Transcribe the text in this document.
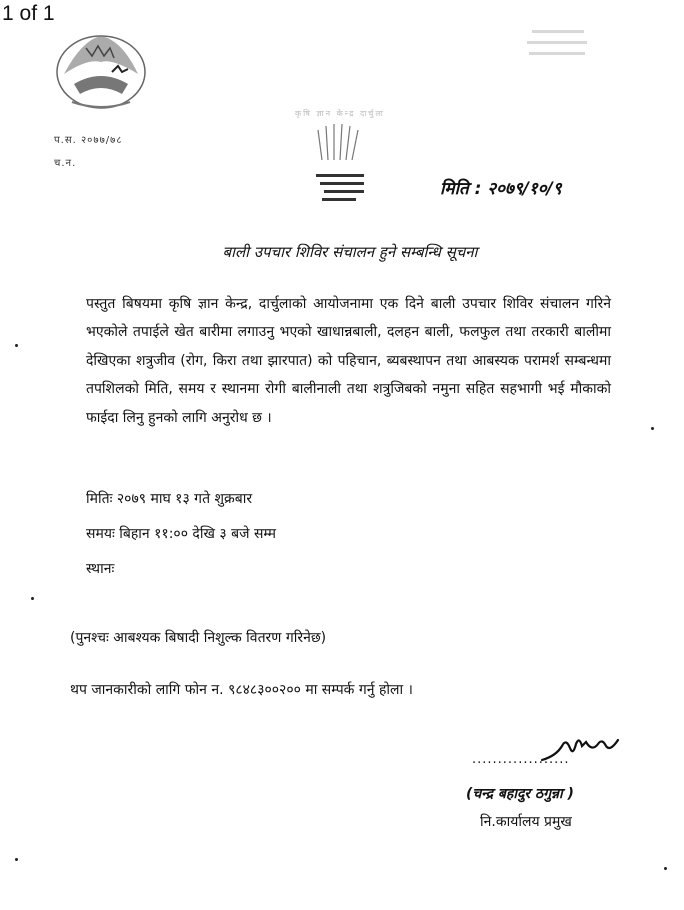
1 of 1
प.स. २०७७/७८
च.न.
कृषि ज्ञान केन्द्र दार्चुला
मिति : २०७९/१०/९
बाली उपचार शिविर संचालन हुने सम्बन्धि सूचना
पस्तुत बिषयमा कृषि ज्ञान केन्द्र, दार्चुलाको आयोजनामा एक दिने बाली उपचार शिविर संचालन गरिने भएकोले तपाईले खेत बारीमा लगाउनु भएको खाधान्नबाली, दलहन बाली, फलफुल तथा तरकारी बालीमा देखिएका शत्रुजीव (रोग, किरा तथा झारपात) को पहिचान, ब्यबस्थापन तथा आबस्यक परामर्श सम्बन्धमा तपशिलको मिति, समय र स्थानमा रोगी बालीनाली तथा शत्रुजिबको नमुना सहित सहभागी भई मौकाको फाईदा लिनु हुनको लागि अनुरोध छ ।
मितिः २०७९ माघ १३ गते शुक्रबार
समयः बिहान ११:०० देखि ३ बजे सम्म
स्थानः
(पुनश्चः आबश्यक बिषादी निशुल्क वितरण गरिनेछ)
थप जानकारीको लागि फोन न. ९८४८३००२०० मा सम्पर्क गर्नु होला ।
...................
(चन्द्र बहादुर ठगुन्ना )
नि.कार्यालय प्रमुख
